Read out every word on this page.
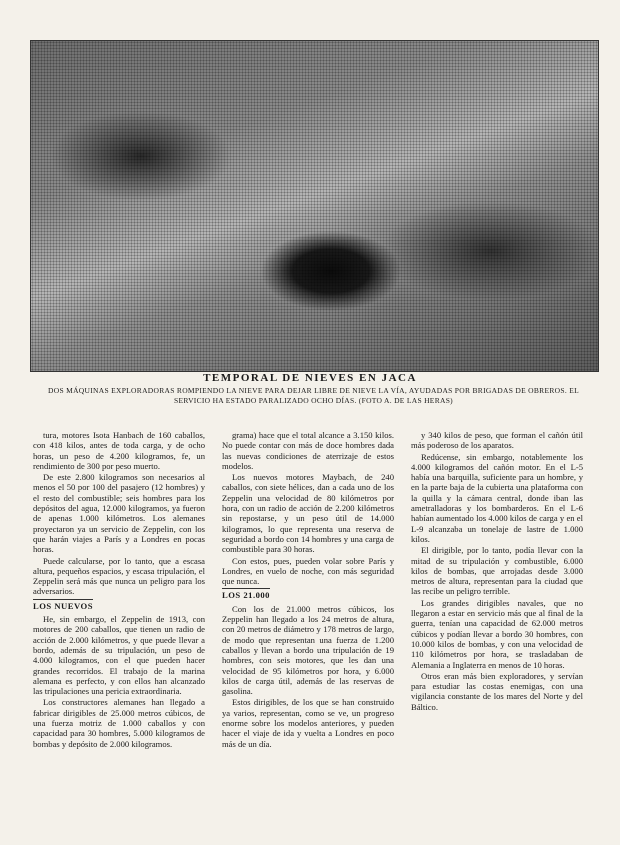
TEMPORAL DE NIEVES EN JACA
DOS MÁQUINAS EXPLORADORAS ROMPIENDO LA NIEVE PARA DEJAR LIBRE DE NIEVE LA VÍA, AYUDADAS POR BRIGADAS DE OBREROS. EL SERVICIO HA ESTADO PARALIZADO OCHO DÍAS. (FOTO A. DE LAS HERAS)

tura, motores Isota Hanbach de 160 caballos, con 418 kilos, antes de toda carga, y de ocho horas, un peso de 4.200 kilogramos, fe, un rendimiento de 300 por peso muerto.

De este 2.800 kilogramos son necesarios al menos el 50 por 100 del pasajero (12 hombres) y el resto del combustible; seis hombres para los depósitos del agua, 12.000 kilogramos, ya fueron de apenas 1.000 kilómetros. Los alemanes proyectaron ya un servicio de Zeppelin, con los que harán viajes a París y a Londres en pocas horas.

Puede calcularse, por lo tanto, que a escasa altura, pequeños espacios, y escasa tripulación, el Zeppelin será más que nunca un peligro para los adversarios.

LOS NUEVOS

He, sin embargo, el Zeppelin de 1913, con motores de 200 caballos, que tienen un radio de acción de 2.000 kilómetros, y que puede llevar a bordo, además de su tripulación, un peso de 4.000 kilogramos, con el que pueden hacer grandes recorridos. El trabajo de la marina alemana es perfecto, y con ellos han alcanzado las tripulaciones una pericia extraordinaria.

Los constructores alemanes han llegado a fabricar dirigibles de 25.000 metros cúbicos, de una fuerza motriz de 1.000 caballos y con capacidad para 30 hombres, 5.000 kilogramos de bombas y depósito de 2.000 kilogramos.

grama) hace que el total alcance a 3.150 kilos. No puede contar con más de doce hombres dada las nuevas condiciones de aterrizaje de estos modelos.

Los nuevos motores Maybach, de 240 caballos, con siete hélices, dan a cada uno de los Zeppelin una velocidad de 80 kilómetros por hora, con un radio de acción de 2.200 kilómetros sin repostarse, y un peso útil de 14.000 kilogramos, lo que representa una reserva de seguridad a bordo con 14 hombres y una carga de combustible para 30 horas.

Con estos, pues, pueden volar sobre París y Londres, en vuelo de noche, con más seguridad que nunca.

LOS 21.000

Con los de 21.000 metros cúbicos, los Zeppelin han llegado a los 24 metros de altura, con 20 metros de diámetro y 178 metros de largo, de modo que representan una fuerza de 1.200 caballos y llevan a bordo una tripulación de 19 hombres, con seis motores, que les dan una velocidad de 95 kilómetros por hora, y 6.000 kilos de carga útil, además de las reservas de gasolina.

Estos dirigibles, de los que se han construido ya varios, representan, como se ve, un progreso enorme sobre los modelos anteriores, y pueden hacer el viaje de ida y vuelta a Londres en poco más de un día.

y 340 kilos de peso, que forman el cañón útil más poderoso de los aparatos.

Redúcense, sin embargo, notablemente los 4.000 kilogramos del cañón motor. En el L-5 había una barquilla, suficiente para un hombre, y en la parte baja de la cubierta una plataforma con la quilla y la cámara central, donde iban las ametralladoras y los bombarderos. En el L-6 habían aumentado los 4.000 kilos de carga y en el L-9 alcanzaba un tonelaje de lastre de 1.000 kilos.

El dirigible, por lo tanto, podía llevar con la mitad de su tripulación y combustible, 6.000 kilos de bombas, que arrojadas desde 3.000 metros de altura, representan para la ciudad que las recibe un peligro terrible.

Los grandes dirigibles navales, que no llegaron a estar en servicio más que al final de la guerra, tenían una capacidad de 62.000 metros cúbicos y podían llevar a bordo 30 hombres, con 10.000 kilos de bombas, y con una velocidad de 110 kilómetros por hora, se trasladaban de Alemania a Inglaterra en menos de 10 horas.

Otros eran más bien exploradores, y servían para estudiar las costas enemigas, con una vigilancia constante de los mares del Norte y del Báltico.
